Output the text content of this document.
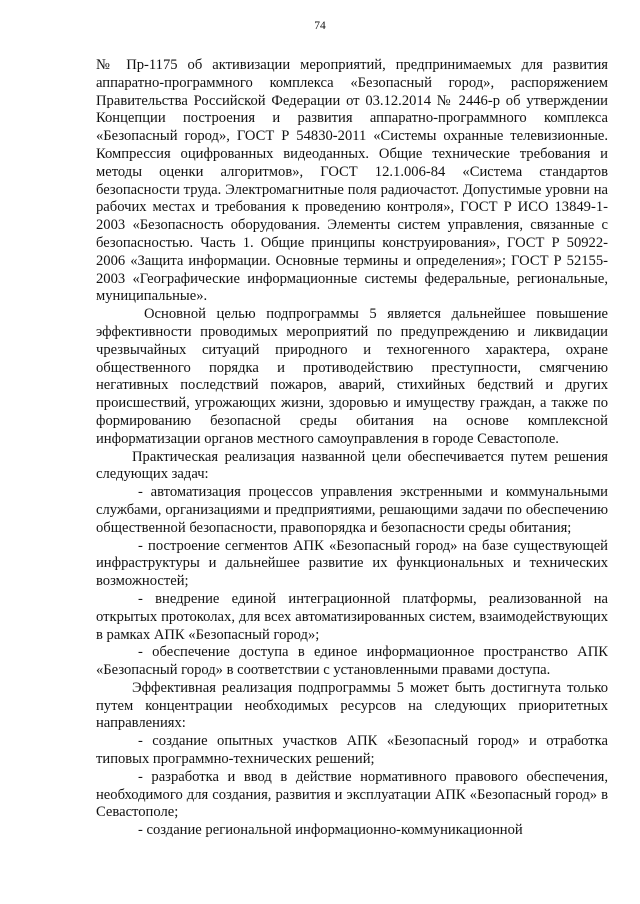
74

№ Пр-1175 об активизации мероприятий, предпринимаемых для развития аппаратно-программного комплекса «Безопасный город», распоряжением Правительства Российской Федерации от 03.12.2014 № 2446-р об утверждении Концепции построения и развития аппаратно-программного комплекса «Безопасный город», ГОСТ Р 54830-2011 «Системы охранные телевизионные. Компрессия оцифрованных видеоданных. Общие технические требования и методы оценки алгоритмов», ГОСТ 12.1.006-84 «Система стандартов безопасности труда. Электромагнитные поля радиочастот. Допустимые уровни на рабочих местах и требования к проведению контроля», ГОСТ Р ИСО 13849-1-2003 «Безопасность оборудования. Элементы систем управления, связанные с безопасностью. Часть 1. Общие принципы конструирования», ГОСТ Р 50922-2006 «Защита информации. Основные термины и определения»; ГОСТ Р 52155-2003 «Географические информационные системы федеральные, региональные, муниципальные».

Основной целью подпрограммы 5 является дальнейшее повышение эффективности проводимых мероприятий по предупреждению и ликвидации чрезвычайных ситуаций природного и техногенного характера, охране общественного порядка и противодействию преступности, смягчению негативных последствий пожаров, аварий, стихийных бедствий и других происшествий, угрожающих жизни, здоровью и имуществу граждан, а также по формированию безопасной среды обитания на основе комплексной информатизации органов местного самоуправления в городе Севастополе.

Практическая реализация названной цели обеспечивается путем решения следующих задач:

- автоматизация процессов управления экстренными и коммунальными службами, организациями и предприятиями, решающими задачи по обеспечению общественной безопасности, правопорядка и безопасности среды обитания;

- построение сегментов АПК «Безопасный город» на базе существующей инфраструктуры и дальнейшее развитие их функциональных и технических возможностей;

- внедрение единой интеграционной платформы, реализованной на открытых протоколах, для всех автоматизированных систем, взаимодействующих в рамках АПК «Безопасный город»;

- обеспечение доступа в единое информационное пространство АПК «Безопасный город» в соответствии с установленными правами доступа.

Эффективная реализация подпрограммы 5 может быть достигнута только путем концентрации необходимых ресурсов на следующих приоритетных направлениях:

- создание опытных участков АПК «Безопасный город» и отработка типовых программно-технических решений;

- разработка и ввод в действие нормативного правового обеспечения, необходимого для создания, развития и эксплуатации АПК «Безопасный город» в Севастополе;

- создание региональной информационно-коммуникационной
